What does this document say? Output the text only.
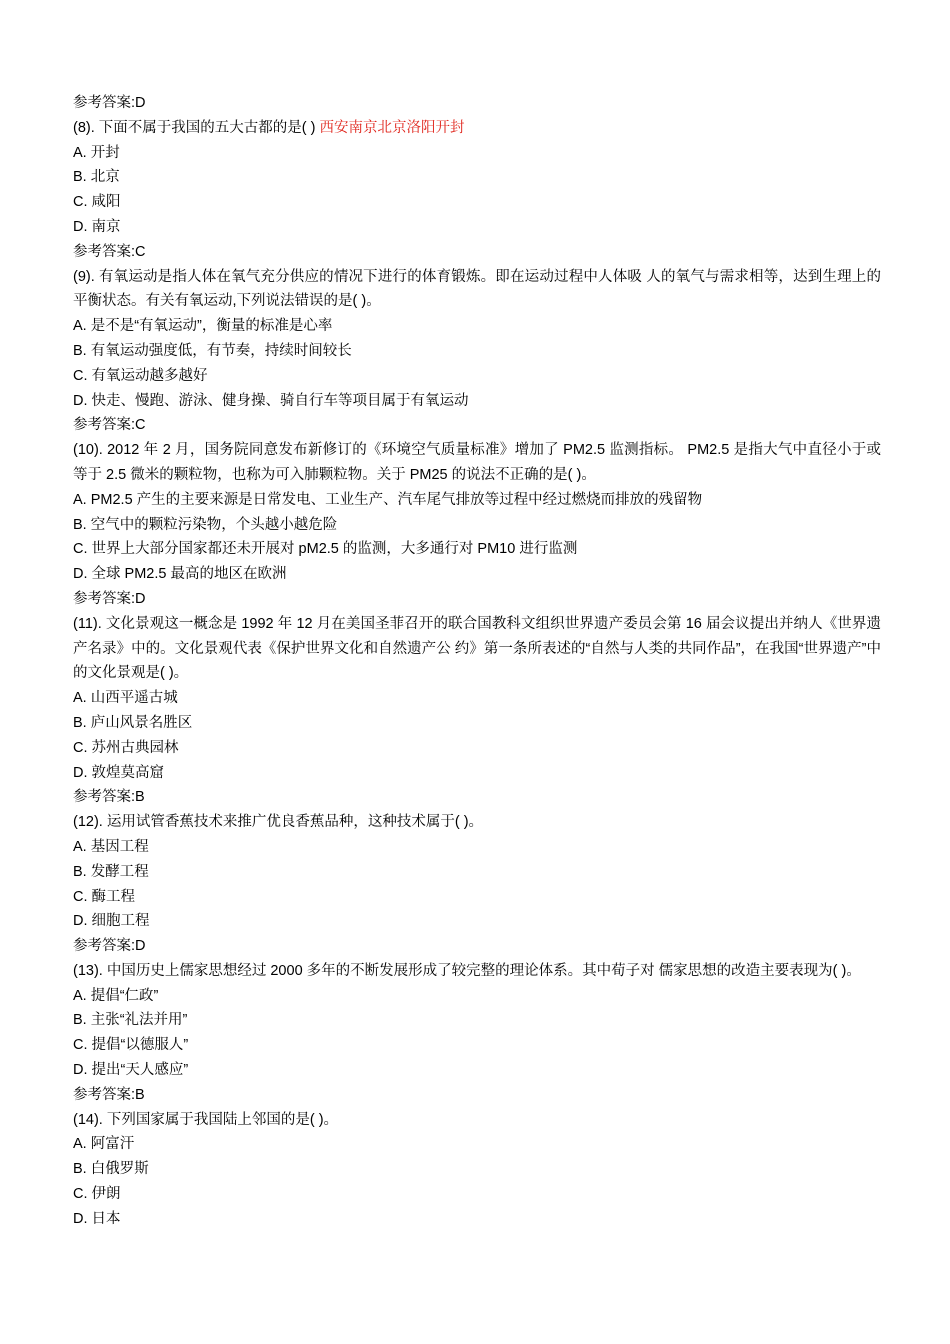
参考答案:D
(8). 下面不属于我国的五大古都的是( ) 西安南京北京洛阳开封
A. 开封
B. 北京
C. 咸阳
D. 南京
参考答案:C
(9). 有氧运动是指人体在氧气充分供应的情况下进行的体育锻炼。即在运动过程中人体吸 人的氧气与需求相等，达到生理上的平衡状态。有关有氧运动,下列说法错误的是( )。
A. 是不是“有氧运动”，衡量的标准是心率
B. 有氧运动强度低，有节奏，持续时间较长
C. 有氧运动越多越好
D. 快走、慢跑、游泳、健身操、骑自行车等项目属于有氧运动
参考答案:C
(10). 2012 年 2 月，国务院同意发布新修订的《环境空气质量标准》增加了 PM2.5 监测指标。 PM2.5 是指大气中直径小于或等于 2.5 微米的颗粒物，也称为可入肺颗粒物。关于 PM25 的说法不正确的是( )。
A. PM2.5 产生的主要来源是日常发电、工业生产、汽车尾气排放等过程中经过燃烧而排放的残留物
B. 空气中的颗粒污染物，个头越小越危险
C. 世界上大部分国家都还未开展对 pM2.5 的监测，大多通行对 PM10 进行监测
D. 全球 PM2.5 最高的地区在欧洲
参考答案:D
(11). 文化景观这一概念是 1992 年 12 月在美国圣菲召开的联合国教科文组织世界遗产委员会第 16 届会议提出并纳人《世界遗产名录》中的。文化景观代表《保护世界文化和自然遗产公 约》第一条所表述的“自然与人类的共同作品”，在我国“世界遗产”中的文化景观是( )。
A. 山西平遥古城
B. 庐山风景名胜区
C. 苏州古典园林
D. 敦煌莫高窟
参考答案:B
(12). 运用试管香蕉技术来推广优良香蕉品种，这种技术属于( )。
A. 基因工程
B. 发酵工程
C. 酶工程
D. 细胞工程
参考答案:D
(13). 中国历史上儒家思想经过 2000 多年的不断发展形成了较完整的理论体系。其中荀子对 儒家思想的改造主要表现为( )。
A. 提倡“仁政”
B. 主张“礼法并用”
C. 提倡“以德服人”
D. 提出“天人感应”
参考答案:B
(14). 下列国家属于我国陆上邻国的是( )。
A. 阿富汗
B. 白俄罗斯
C. 伊朗
D. 日本
